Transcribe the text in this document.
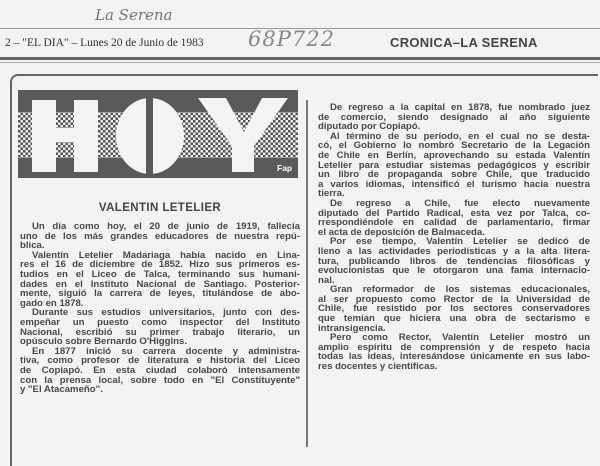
La Serena
2 – "EL DIA" – Lunes 20 de Junio de 1983 68P722	CRONICA–LA SERENA
Fap
VALENTIN LETELIER
Un día como hoy, el 20 de junio de 1919, fallecía
uno de los más grandes educadores de nuestra repú-
blica.
Valentín Letelier Madariaga había nacido en Lina-
res el 16 de diciembre de 1852. Hizo sus primeros es-
tudios en el Liceo de Talca, terminando sus humani-
dades en el Instituto Nacional de Santiago. Posterior-
mente, siguió la carrera de leyes, titulándose de abo-
gado en 1878.
Durante sus estudios universitarios, junto con des-
empeñar un puesto como inspector del Instituto
Nacional, escribió su primer trabajo literario, un
opúsculo sobre Bernardo O'Higgins.
En 1877 inició su carrera docente y administra-
tiva, como profesor de literatura e historia del Liceo
de Copiapó. En esta ciudad colaboró intensamente
con la prensa local, sobre todo en "El Constituyente"
y "El Atacameño".
De regreso a la capital en 1878, fue nombrado juez
de comercio, siendo designado al año siguiente
diputado por Copiapó.
Al término de su período, en el cual no se desta-
có, el Gobierno lo nombró Secretario de la Legación
de Chile en Berlín, aprovechando su estada Valentín
Letelier para estudiar sistemas pedagógicos y escribir
un libro de propaganda sobre Chile, que traducido
a varios idiomas, intensificó el turismo hacia nuestra
tierra.
De regreso a Chile, fue electo nuevamente
diputado del Partido Radical, esta vez por Talca, co-
rrespondiéndole en calidad de parlamentario, firmar
el acta de deposición de Balmaceda.
Por ese tiempo, Valentín Letelier se dedicó de
lleno a las actividades periodísticas y a la alta litera-
tura, publicando libros de tendencias filosóficas y
evolucionistas que le otorgaron una fama internacio-
nal.
Gran reformador de los sistemas educacionales,
al ser propuesto como Rector de la Universidad de
Chile, fue resistido por los sectores conservadores
que temían que hiciera una obra de sectarismo e
intransigencia.
Pero como Rector, Valentín Letelier mostró un
amplio espíritu de comprensión y de respeto hacia
todas las ideas, interesándose únicamente en sus labo-
res docentes y científicas.
